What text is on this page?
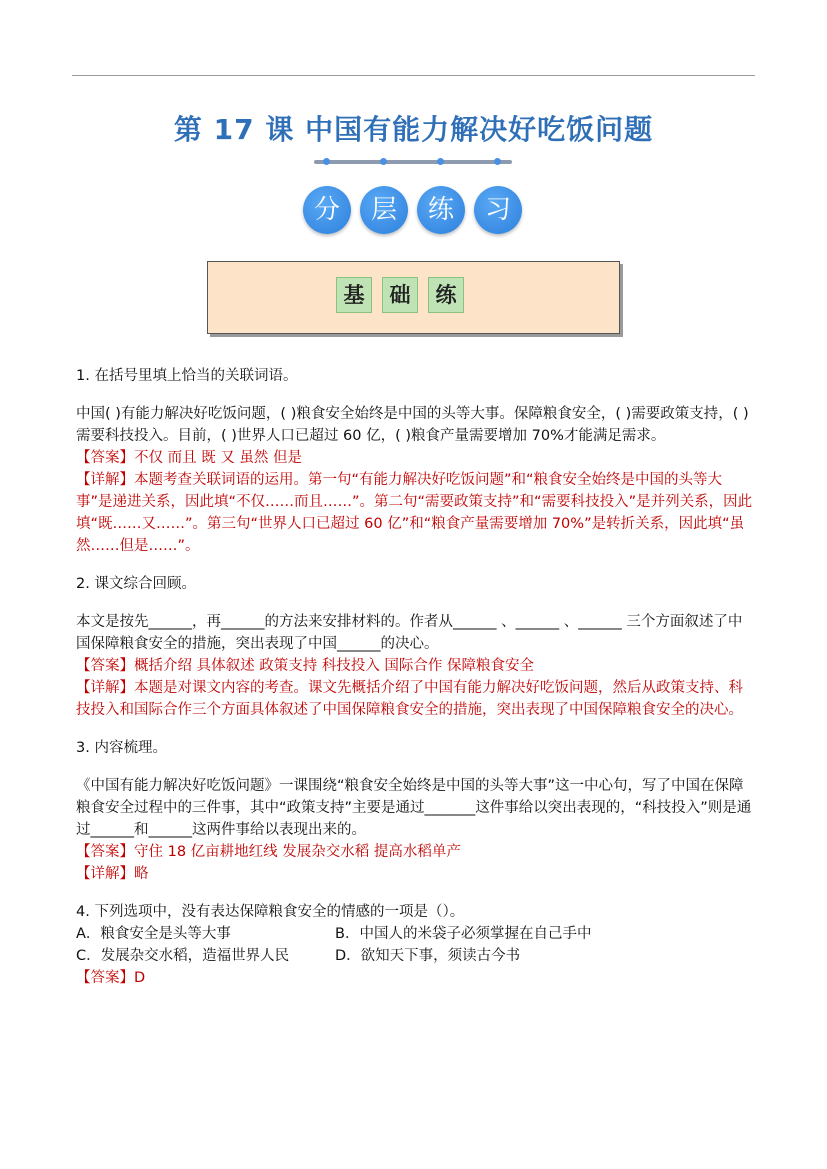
第 17 课 中国有能力解决好吃饭问题
分	层	练	习
基	础	练

1. 在括号里填上恰当的关联词语。

中国( )有能力解决好吃饭问题，( )粮食安全始终是中国的头等大事。保障粮食安全，( )需要政策支持，( )需要科技投入。目前，( )世界人口已超过 60 亿，( )粮食产量需要增加 70%才能满足需求。

【答案】不仅 而且 既 又 虽然 但是

【详解】本题考查关联词语的运用。第一句“有能力解决好吃饭问题”和“粮食安全始终是中国的头等大事”是递进关系，因此填“不仅……而且……”。第二句“需要政策支持”和“需要科技投入”是并列关系，因此填“既……又……”。第三句“世界人口已超过 60 亿”和“粮食产量需要增加 70%”是转折关系，因此填“虽然……但是……”。

2. 课文综合回顾。

本文是按先______，再______的方法来安排材料的。作者从______ 、______ 、______ 三个方面叙述了中国保障粮食安全的措施，突出表现了中国______的决心。

【答案】概括介绍 具体叙述 政策支持 科技投入 国际合作 保障粮食安全

【详解】本题是对课文内容的考查。课文先概括介绍了中国有能力解决好吃饭问题，然后从政策支持、科技投入和国际合作三个方面具体叙述了中国保障粮食安全的措施，突出表现了中国保障粮食安全的决心。

3. 内容梳理。

《中国有能力解决好吃饭问题》一课围绕“粮食安全始终是中国的头等大事”这一中心句，写了中国在保障粮食安全过程中的三件事，其中“政策支持”主要是通过_______这件事给以突出表现的，“科技投入”则是通过______和______这两件事给以表现出来的。

【答案】守住 18 亿亩耕地红线 发展杂交水稻 提高水稻单产

【详解】略

4. 下列选项中，没有表达保障粮食安全的情感的一项是（）。

A．粮食安全是头等大事	B．中国人的米袋子必须掌握在自己手中
C．发展杂交水稻，造福世界人民	D．欲知天下事，须读古今书

【答案】D
